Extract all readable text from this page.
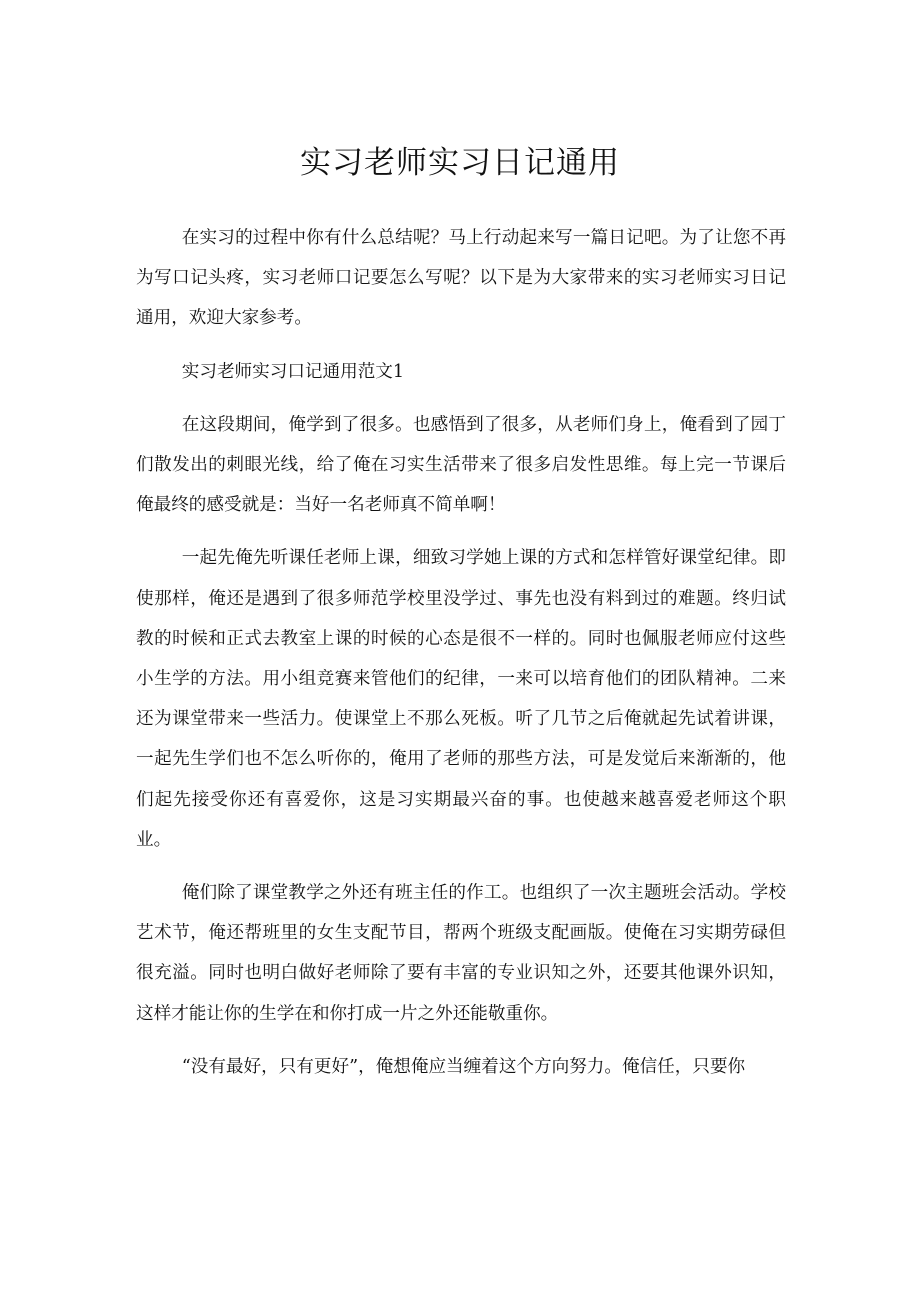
实习老师实习日记通用

在实习的过程中你有什么总结呢？马上行动起来写一篇日记吧。为了让您不再为写口记头疼，实习老师口记要怎么写呢？以下是为大家带来的实习老师实习日记通用，欢迎大家参考。

实习老师实习口记通用范文1

在这段期间，俺学到了很多。也感悟到了很多，从老师们身上，俺看到了园丁们散发出的刺眼光线，给了俺在习实生活带来了很多启发性思维。每上完一节课后俺最终的感受就是：当好一名老师真不简单啊！

一起先俺先听课任老师上课，细致习学她上课的方式和怎样管好课堂纪律。即使那样，俺还是遇到了很多师范学校里没学过、事先也没有料到过的难题。终归试教的时候和正式去教室上课的时候的心态是很不一样的。同时也佩服老师应付这些小生学的方法。用小组竞赛来管他们的纪律，一来可以培育他们的团队精神。二来还为课堂带来一些活力。使课堂上不那么死板。听了几节之后俺就起先试着讲课，一起先生学们也不怎么听你的，俺用了老师的那些方法，可是发觉后来渐渐的，他们起先接受你还有喜爱你，这是习实期最兴奋的事。也使越来越喜爱老师这个职业。

俺们除了课堂教学之外还有班主任的作工。也组织了一次主题班会活动。学校艺术节，俺还帮班里的女生支配节目，帮两个班级支配画版。使俺在习实期劳碌但很充溢。同时也明白做好老师除了要有丰富的专业识知之外，还要其他课外识知，这样才能让你的生学在和你打成一片之外还能敬重你。

“没有最好，只有更好”，俺想俺应当缠着这个方向努力。俺信任，只要你
